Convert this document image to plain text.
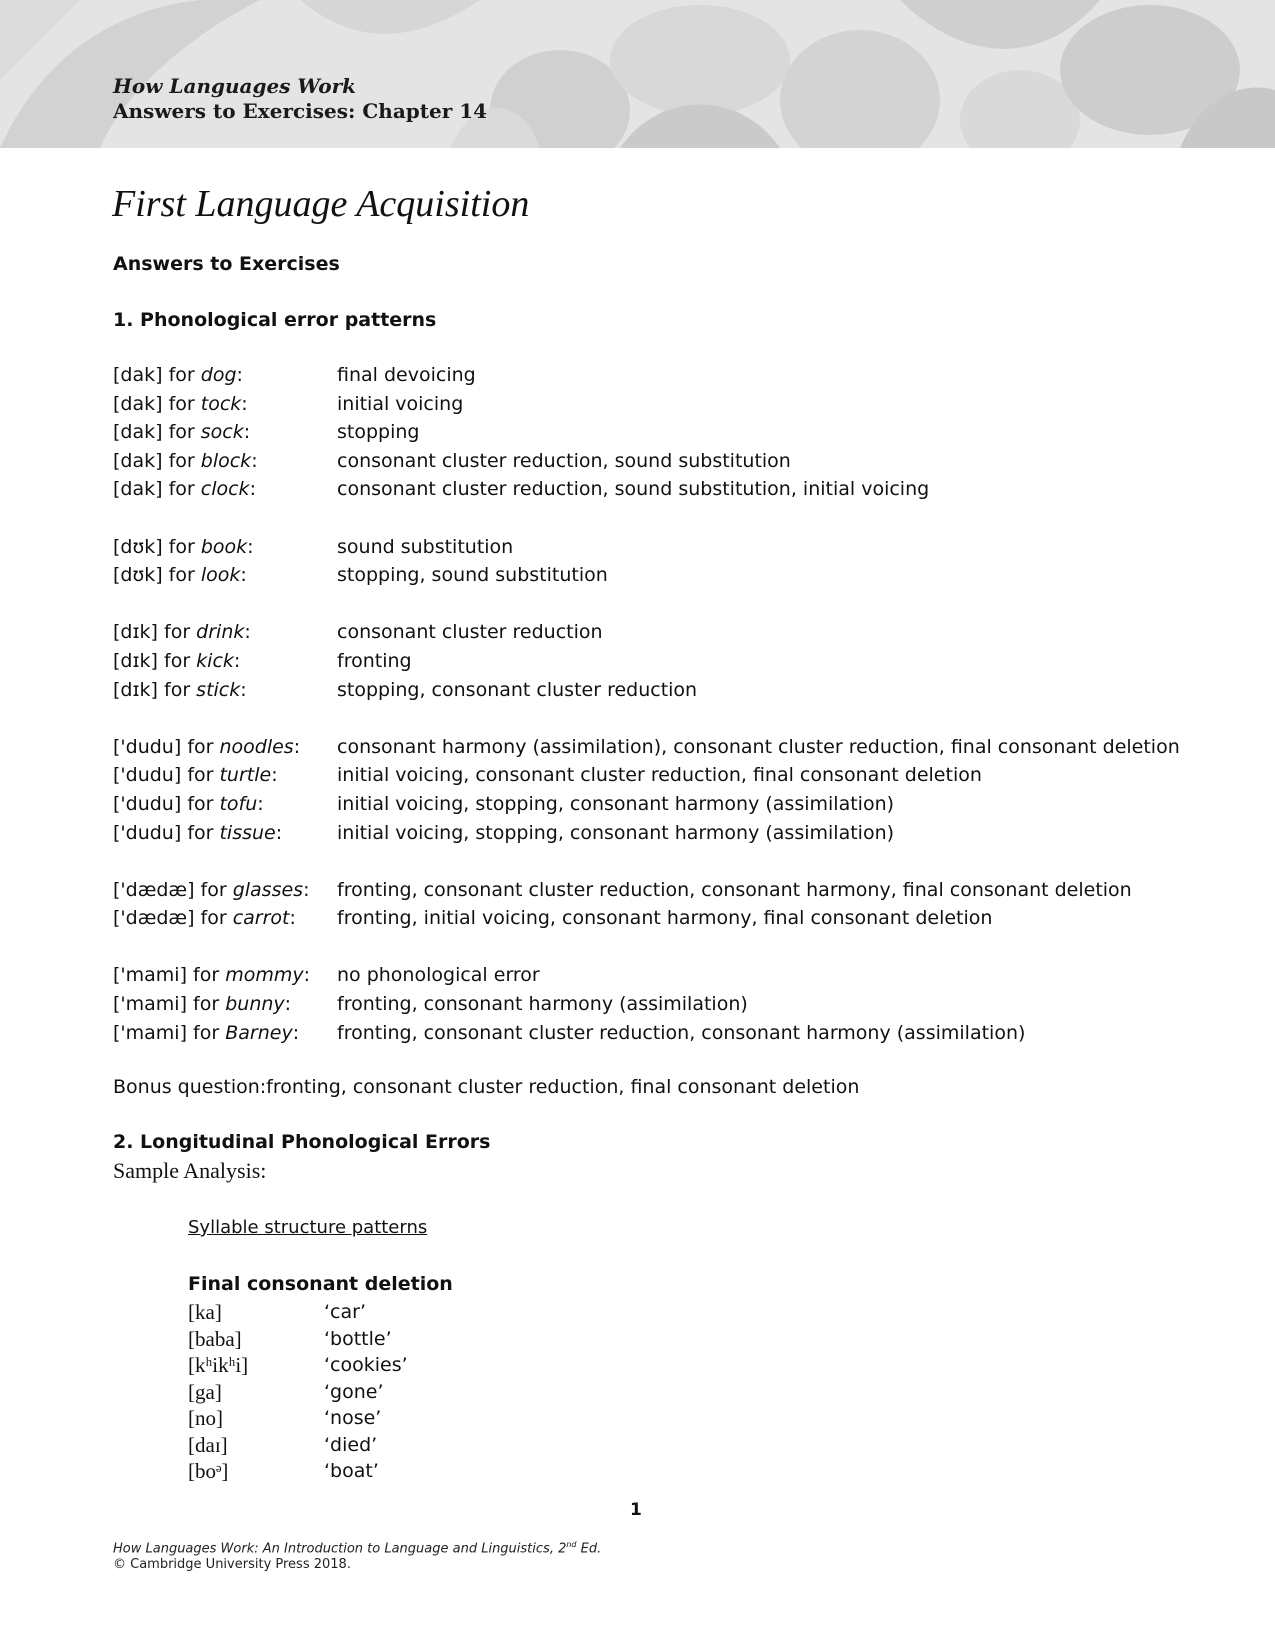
How Languages Work
Answers to Exercises: Chapter 14
First Language Acquisition
Answers to Exercises
1. Phonological error patterns
[dak] for dog:	final devoicing
[dak] for tock:	initial voicing
[dak] for sock:	stopping
[dak] for block:	consonant cluster reduction, sound substitution
[dak] for clock:	consonant cluster reduction, sound substitution, initial voicing
[dʊk] for book:	sound substitution
[dʊk] for look:	stopping, sound substitution
[dɪk] for drink:	consonant cluster reduction
[dɪk] for kick:	fronting
[dɪk] for stick:	stopping, consonant cluster reduction
['dudu] for noodles: consonant harmony (assimilation), consonant cluster reduction, final consonant deletion
['dudu] for turtle:	initial voicing, consonant cluster reduction, final consonant deletion
['dudu] for tofu:	initial voicing, stopping, consonant harmony (assimilation)
['dudu] for tissue:	initial voicing, stopping, consonant harmony (assimilation)
['dædæ] for glasses: fronting, consonant cluster reduction, consonant harmony, final consonant deletion
['dædæ] for carrot: fronting, initial voicing, consonant harmony, final consonant deletion
['mami] for mommy: no phonological error
['mami] for bunny: fronting, consonant harmony (assimilation)
['mami] for Barney: fronting, consonant cluster reduction, consonant harmony (assimilation)
Bonus question:fronting, consonant cluster reduction, final consonant deletion
2. Longitudinal Phonological Errors
Sample Analysis:
Syllable structure patterns
Final consonant deletion
[ka]	‘car’
[baba]	‘bottle’
[kʰikʰi]	‘cookies’
[ga]	‘gone’
[no]	‘nose’
[daɪ]	‘died’
[boᵊ]	‘boat’
1
How Languages Work: An Introduction to Language and Linguistics, 2nd Ed.
© Cambridge University Press 2018.
